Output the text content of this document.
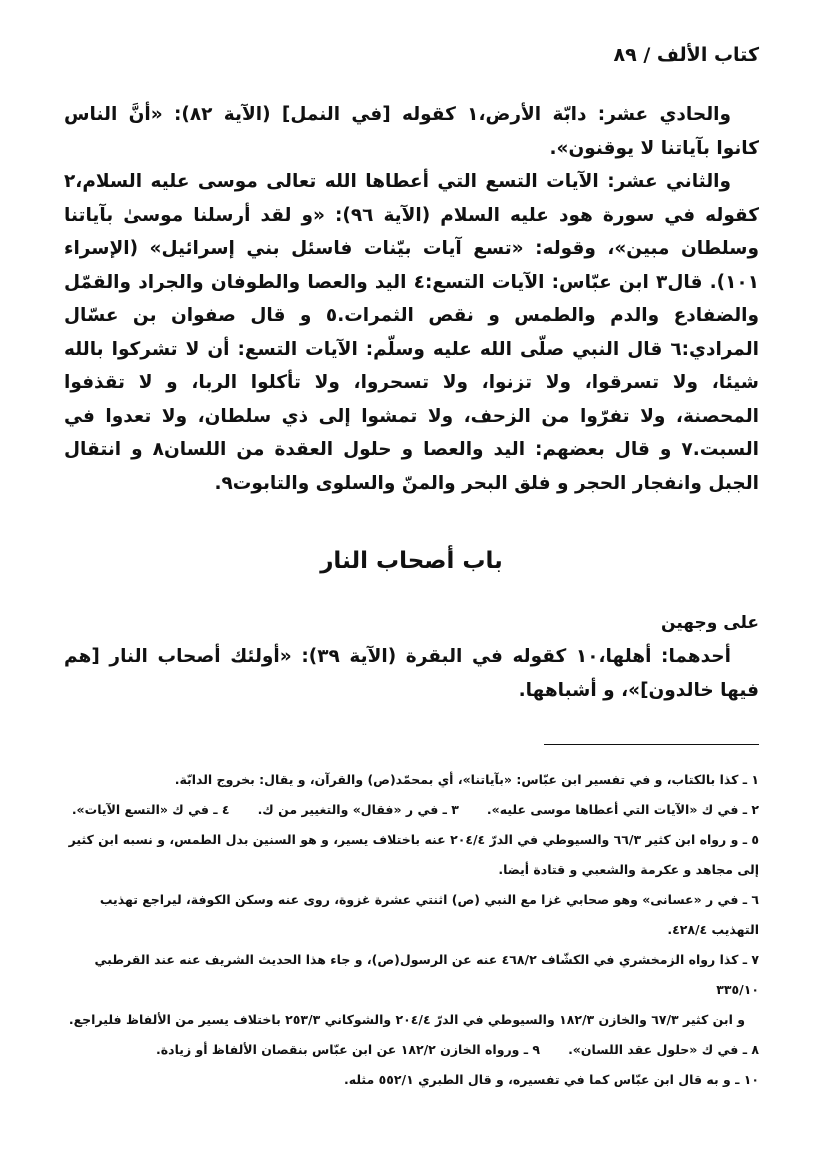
كتاب الألف / ٨٩

والحادي عشر: دابّة الأرض،١ كقوله [في النمل] (الآية ٨٢): «أنَّ الناس كانوا بآياتنا لا يوقنون».

والثاني عشر: الآيات التسع التي أعطاها الله تعالى موسى عليه السلام،٢ كقوله في سورة هود عليه السلام (الآية ٩٦): «و لقد أرسلنا موسىٰ بآياتنا وسلطان مبين»، وقوله: «تسع آيات بيّنات فاسئل بني إسرائيل» (الإسراء ١٠١). قال٣ ابن عبّاس: الآيات التسع:٤ اليد والعصا والطوفان والجراد والقمّل والضفادع والدم والطمس و نقص الثمرات.٥ و قال صفوان بن عسّال المرادي:٦ قال النبي صلّى الله عليه وسلّم: الآيات التسع: أن لا تشركوا بالله شيئا، ولا تسرقوا، ولا تزنوا، ولا تسحروا، ولا تأكلوا الربا، و لا تقذفوا المحصنة، ولا تفرّوا من الزحف، ولا تمشوا إلى ذي سلطان، ولا تعدوا في السبت.٧ و قال بعضهم: اليد والعصا و حلول العقدة من اللسان٨ و انتقال الجبل وانفجار الحجر و فلق البحر والمنّ والسلوى والتابوت٩.

باب أصحاب النار
على وجهين

أحدهما: أهلها،١٠ كقوله في البقرة (الآية ٣٩): «أولئك أصحاب النار [هم فيها خالدون]»، و أشباهها.

١ ـ كذا بالكتاب، و في تفسير ابن عبّاس: «بآياتنا»، أي بمحمّد(ص) والقرآن، و يقال: بخروج الدابّة.

٢ ـ في ك «الآيات التي أعطاها موسى عليه».٣ ـ في ر «فقال» والتغيير من ك.٤ ـ في ك «التسع الآيات».

٥ ـ و رواه ابن كثير ٦٦/٣ والسيوطي في الدرّ ٢٠٤/٤ عنه باختلاف يسير، و هو السنين بدل الطمس، و نسبه ابن كثير إلى مجاهد و عكرمة والشعبي و قتادة أيضا.

٦ ـ في ر «عسانى» وهو صحابي غزا مع النبي (ص) اثنتي عشرة غزوة، روى عنه وسكن الكوفة، ليراجع تهذيب التهذيب ٤٢٨/٤.

٧ ـ كذا رواه الزمخشري في الكشّاف ٤٦٨/٢ عنه عن الرسول(ص)، و جاء هذا الحديث الشريف عنه عند القرطبي ٣٣٥/١٠

و ابن كثير ٦٧/٣ والخازن ١٨٢/٣ والسيوطي في الدرّ ٢٠٤/٤ والشوكاني ٢٥٣/٣ باختلاف يسير من الألفاظ فليراجع.

٨ ـ في ك «حلول عقد اللسان».٩ ـ ورواه الخازن ١٨٢/٢ عن ابن عبّاس بنقصان الألفاظ أو زيادة.

١٠ ـ و به قال ابن عبّاس كما في تفسيره، و قال الطبري ٥٥٢/١ مثله.
